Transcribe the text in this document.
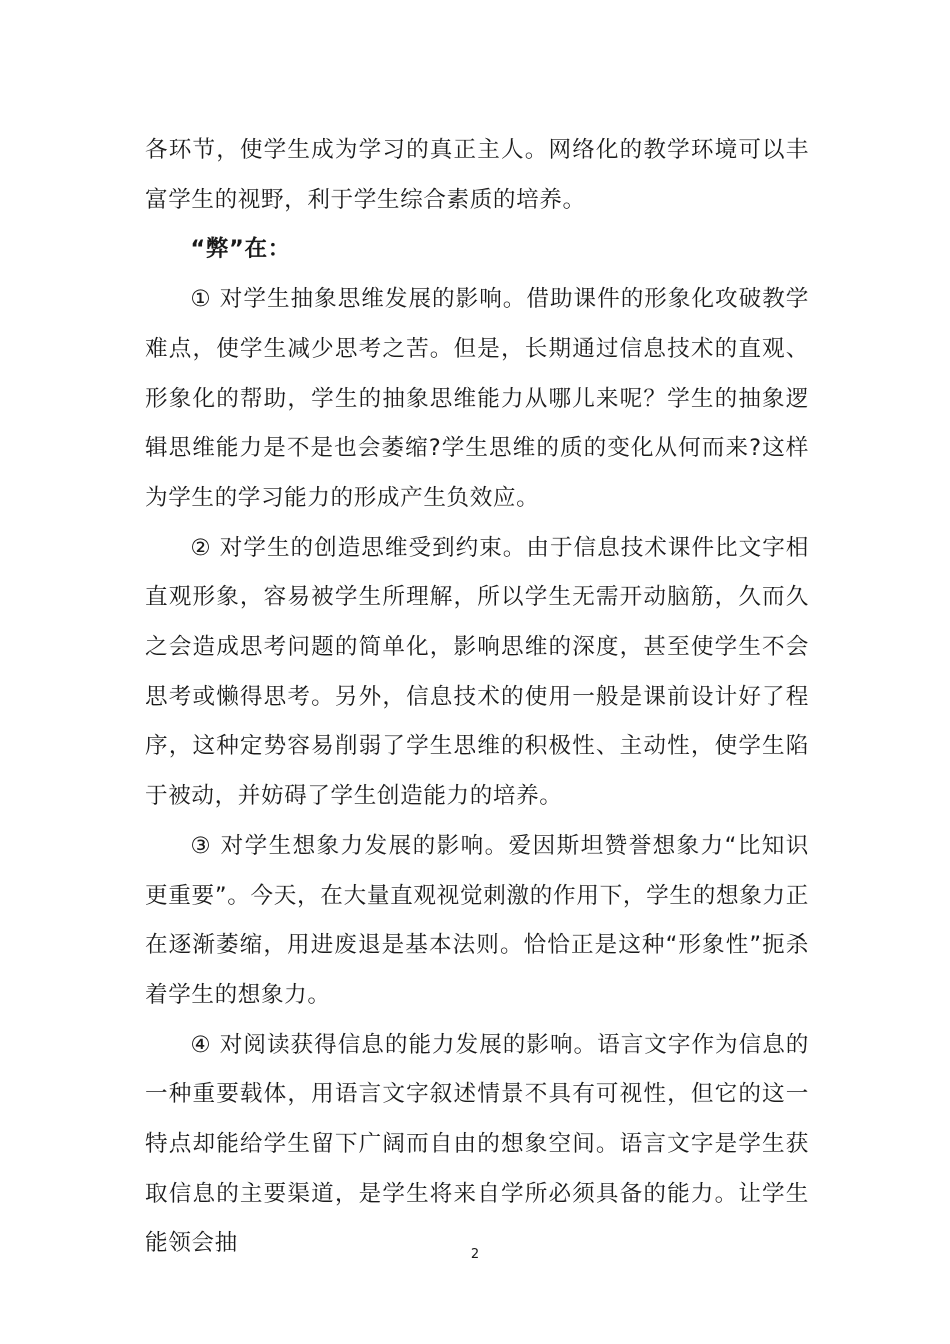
各环节，使学生成为学习的真正主人。网络化的教学环境可以丰富学生的视野，利于学生综合素质的培养。

“弊”在：

① 对学生抽象思维发展的影响。借助课件的形象化攻破教学难点，使学生减少思考之苦。但是，长期通过信息技术的直观、形象化的帮助，学生的抽象思维能力从哪儿来呢？学生的抽象逻辑思维能力是不是也会萎缩?学生思维的质的变化从何而来?这样为学生的学习能力的形成产生负效应。

② 对学生的创造思维受到约束。由于信息技术课件比文字相直观形象，容易被学生所理解，所以学生无需开动脑筋，久而久之会造成思考问题的简单化，影响思维的深度，甚至使学生不会思考或懒得思考。另外，信息技术的使用一般是课前设计好了程序，这种定势容易削弱了学生思维的积极性、主动性，使学生陷于被动，并妨碍了学生创造能力的培养。

③ 对学生想象力发展的影响。爱因斯坦赞誉想象力“比知识更重要”。今天，在大量直观视觉刺激的作用下，学生的想象力正在逐渐萎缩，用进废退是基本法则。恰恰正是这种“形象性”扼杀着学生的想象力。

④ 对阅读获得信息的能力发展的影响。语言文字作为信息的一种重要载体，用语言文字叙述情景不具有可视性，但它的这一特点却能给学生留下广阔而自由的想象空间。语言文字是学生获取信息的主要渠道，是学生将来自学所必须具备的能力。让学生能领会抽	2
